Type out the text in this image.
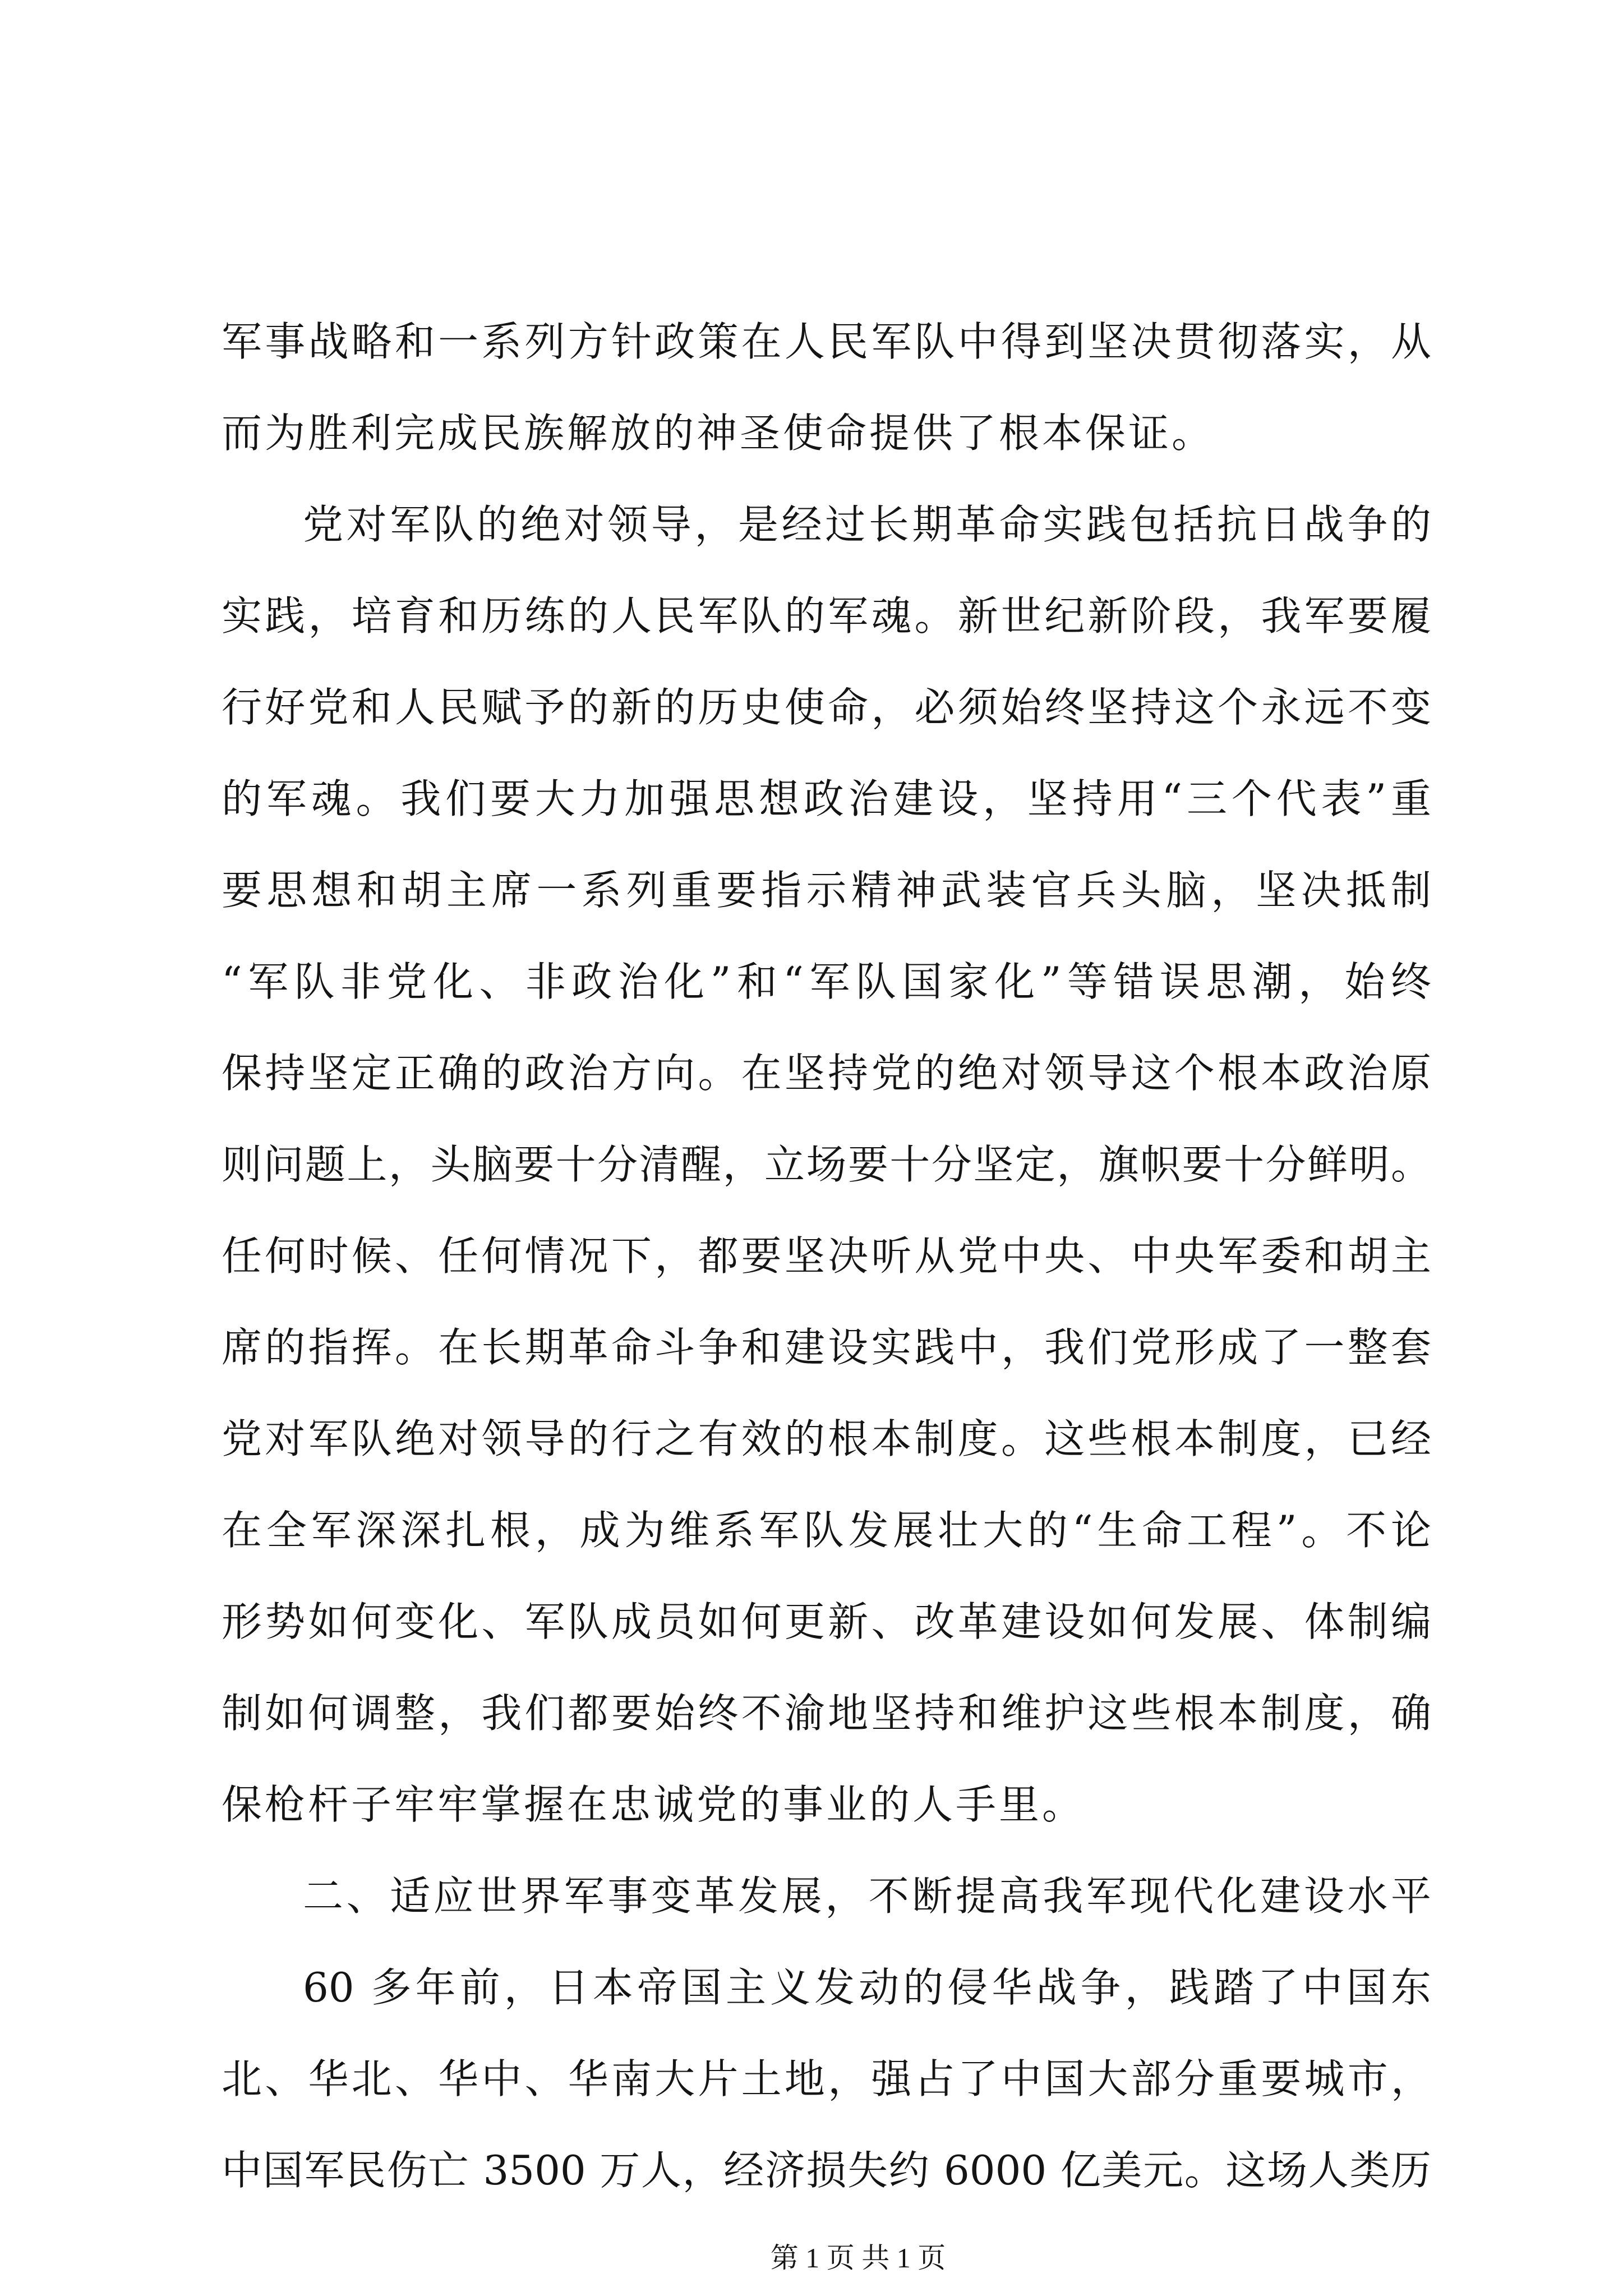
军事战略和一系列方针政策在人民军队中得到坚决贯彻落实，从
而为胜利完成民族解放的神圣使命提供了根本保证。
党对军队的绝对领导，是经过长期革命实践包括抗日战争的
实践，培育和历练的人民军队的军魂。新世纪新阶段，我军要履
行好党和人民赋予的新的历史使命，必须始终坚持这个永远不变
的军魂。我们要大力加强思想政治建设，坚持用“三个代表”重
要思想和胡主席一系列重要指示精神武装官兵头脑，坚决抵制
“军队非党化、非政治化”和“军队国家化”等错误思潮，始终
保持坚定正确的政治方向。在坚持党的绝对领导这个根本政治原
则问题上，头脑要十分清醒，立场要十分坚定，旗帜要十分鲜明。
任何时候、任何情况下，都要坚决听从党中央、中央军委和胡主
席的指挥。在长期革命斗争和建设实践中，我们党形成了一整套
党对军队绝对领导的行之有效的根本制度。这些根本制度，已经
在全军深深扎根，成为维系军队发展壮大的“生命工程”。不论
形势如何变化、军队成员如何更新、改革建设如何发展、体制编
制如何调整，我们都要始终不渝地坚持和维护这些根本制度，确
保枪杆子牢牢掌握在忠诚党的事业的人手里。
二、适应世界军事变革发展，不断提高我军现代化建设水平
60 多年前，日本帝国主义发动的侵华战争，践踏了中国东
北、华北、华中、华南大片土地，强占了中国大部分重要城市，
中国军民伤亡 3500 万人，经济损失约 6000 亿美元。这场人类历
第 1 页 共 1 页
